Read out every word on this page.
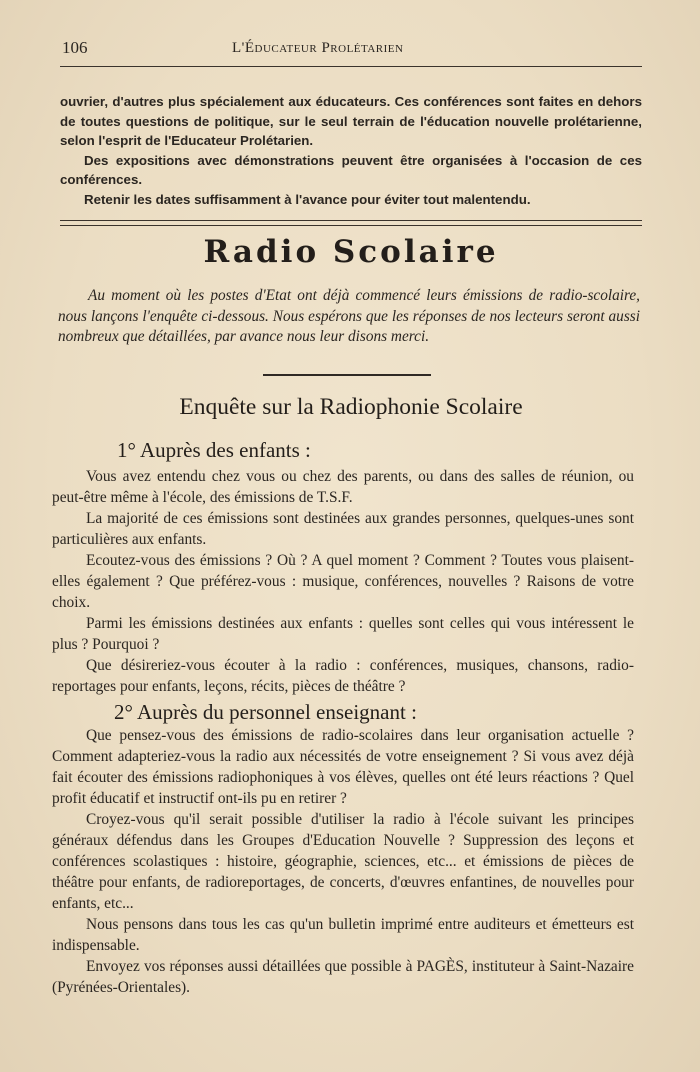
106	L'Éducateur Prolétarien

ouvrier, d'autres plus spécialement aux éducateurs. Ces conférences sont faites en dehors de toutes questions de politique, sur le seul terrain de l'éducation nouvelle prolétarienne, selon l'esprit de l'Educateur Prolétarien.

Des expositions avec démonstrations peuvent être organisées à l'occasion de ces conférences.

Retenir les dates suffisamment à l'avance pour éviter tout malentendu.

Radio Scolaire

Au moment où les postes d'Etat ont déjà commencé leurs émissions de radio-scolaire, nous lançons l'enquête ci-dessous. Nous espérons que les réponses de nos lecteurs seront aussi nombreux que détaillées, par avance nous leur disons merci.

Enquête sur la Radiophonie Scolaire
1° Auprès des enfants :

Vous avez entendu chez vous ou chez des parents, ou dans des salles de réunion, ou peut-être même à l'école, des émissions de T.S.F.

La majorité de ces émissions sont destinées aux grandes personnes, quelques-unes sont particulières aux enfants.

Ecoutez-vous des émissions ? Où ? A quel moment ? Comment ? Toutes vous plaisent-elles également ? Que préférez-vous : musique, conférences, nouvelles ? Raisons de votre choix.

Parmi les émissions destinées aux enfants : quelles sont celles qui vous intéressent le plus ? Pourquoi ?

Que désireriez-vous écouter à la radio : conférences, musiques, chansons, radio-reportages pour enfants, leçons, récits, pièces de théâtre ?

2° Auprès du personnel enseignant :

Que pensez-vous des émissions de radio-scolaires dans leur organisation actuelle ? Comment adapteriez-vous la radio aux nécessités de votre enseignement ? Si vous avez déjà fait écouter des émissions radiophoniques à vos élèves, quelles ont été leurs réactions ? Quel profit éducatif et instructif ont-ils pu en retirer ?

Croyez-vous qu'il serait possible d'utiliser la radio à l'école suivant les principes généraux défendus dans les Groupes d'Education Nouvelle ? Suppression des leçons et conférences scolastiques : histoire, géographie, sciences, etc... et émissions de pièces de théâtre pour enfants, de radioreportages, de concerts, d'œuvres enfantines, de nouvelles pour enfants, etc...

Nous pensons dans tous les cas qu'un bulletin imprimé entre auditeurs et émetteurs est indispensable.

Envoyez vos réponses aussi détaillées que possible à PAGÈS, instituteur à Saint-Nazaire (Pyrénées-Orientales).
